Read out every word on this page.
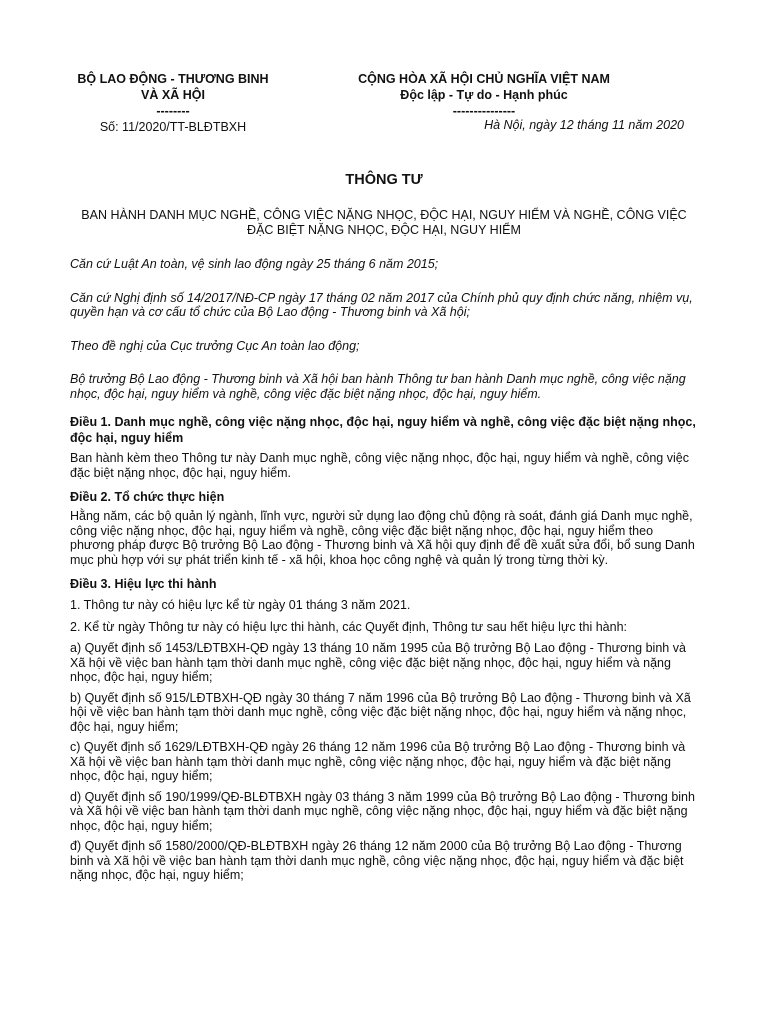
BỘ LAO ĐỘNG - THƯƠNG BINH
VÀ XÃ HỘI
--------
Số: 11/2020/TT-BLĐTBXH
CỘNG HÒA XÃ HỘI CHỦ NGHĨA VIỆT NAM
Độc lập - Tự do - Hạnh phúc
---------------
Hà Nội, ngày 12 tháng 11 năm 2020
THÔNG TƯ
BAN HÀNH DANH MỤC NGHỀ, CÔNG VIỆC NẶNG NHỌC, ĐỘC HẠI, NGUY HIỂM VÀ NGHỀ, CÔNG VIỆC ĐẶC BIỆT NẶNG NHỌC, ĐỘC HẠI, NGUY HIỂM

Căn cứ Luật An toàn, vệ sinh lao động ngày 25 tháng 6 năm 2015;

Căn cứ Nghị định số 14/2017/NĐ-CP ngày 17 tháng 02 năm 2017 của Chính phủ quy định chức năng, nhiệm vụ, quyền hạn và cơ cấu tổ chức của Bộ Lao động - Thương binh và Xã hội;

Theo đề nghị của Cục trưởng Cục An toàn lao động;

Bộ trưởng Bộ Lao động - Thương binh và Xã hội ban hành Thông tư ban hành Danh mục nghề, công việc nặng nhọc, độc hại, nguy hiểm và nghề, công việc đặc biệt nặng nhọc, độc hại, nguy hiểm.

Điều 1. Danh mục nghề, công việc nặng nhọc, độc hại, nguy hiểm và nghề, công việc đặc biệt nặng nhọc, độc hại, nguy hiểm

Ban hành kèm theo Thông tư này Danh mục nghề, công việc nặng nhọc, độc hại, nguy hiểm và nghề, công việc đặc biệt nặng nhọc, độc hại, nguy hiểm.

Điều 2. Tổ chức thực hiện

Hằng năm, các bộ quản lý ngành, lĩnh vực, người sử dụng lao động chủ động rà soát, đánh giá Danh mục nghề, công việc nặng nhọc, độc hại, nguy hiểm và nghề, công việc đặc biệt nặng nhọc, độc hại, nguy hiểm theo phương pháp được Bộ trưởng Bộ Lao động - Thương binh và Xã hội quy định để đề xuất sửa đổi, bổ sung Danh mục phù hợp với sự phát triển kinh tế - xã hội, khoa học công nghệ và quản lý trong từng thời kỳ.

Điều 3. Hiệu lực thi hành

1. Thông tư này có hiệu lực kể từ ngày 01 tháng 3 năm 2021.

2. Kể từ ngày Thông tư này có hiệu lực thi hành, các Quyết định, Thông tư sau hết hiệu lực thi hành:

a) Quyết định số 1453/LĐTBXH-QĐ ngày 13 tháng 10 năm 1995 của Bộ trưởng Bộ Lao động - Thương binh và Xã hội về việc ban hành tạm thời danh mục nghề, công việc đặc biệt nặng nhọc, độc hại, nguy hiểm và nặng nhọc, độc hại, nguy hiểm;

b) Quyết định số 915/LĐTBXH-QĐ ngày 30 tháng 7 năm 1996 của Bộ trưởng Bộ Lao động - Thương binh và Xã hội về việc ban hành tạm thời danh mục nghề, công việc đặc biệt nặng nhọc, độc hại, nguy hiểm và nặng nhọc, độc hại, nguy hiểm;

c) Quyết định số 1629/LĐTBXH-QĐ ngày 26 tháng 12 năm 1996 của Bộ trưởng Bộ Lao động - Thương binh và Xã hội về việc ban hành tạm thời danh mục nghề, công việc nặng nhọc, độc hại, nguy hiểm và đặc biệt nặng nhọc, độc hại, nguy hiểm;

d) Quyết định số 190/1999/QĐ-BLĐTBXH ngày 03 tháng 3 năm 1999 của Bộ trưởng Bộ Lao động - Thương binh và Xã hội về việc ban hành tạm thời danh mục nghề, công việc nặng nhọc, độc hại, nguy hiểm và đặc biệt nặng nhọc, độc hại, nguy hiểm;

đ) Quyết định số 1580/2000/QĐ-BLĐTBXH ngày 26 tháng 12 năm 2000 của Bộ trưởng Bộ Lao động - Thương binh và Xã hội về việc ban hành tạm thời danh mục nghề, công việc nặng nhọc, độc hại, nguy hiểm và đặc biệt nặng nhọc, độc hại, nguy hiểm;
